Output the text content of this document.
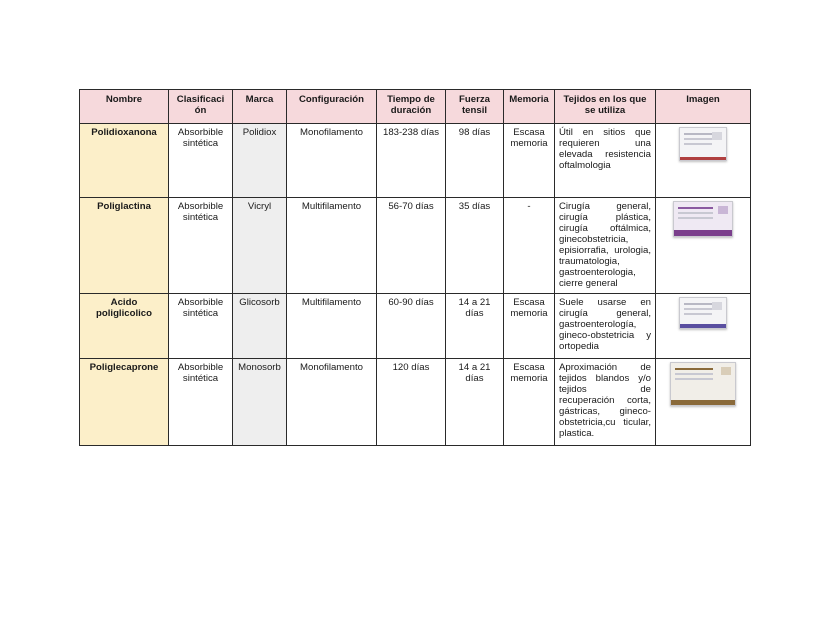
Nombre	Clasificaci ón	Marca	Configuración	Tiempo de duración	Fuerza tensil	Memoria	Tejidos en los que se utiliza	Imagen
Polidioxanona	Absorbible sintética	Polidiox	Monofilamento	183-238 días	98 días	Escasa memoria	Útil en sitios que requieren una elevada resistencia oftalmologia	

Poliglactina	Absorbible sintética	Vicryl	Multifilamento	56-70 días	35 días	-	Cirugía general, cirugía plástica, cirugía oftálmica, ginecobstetricia, episiorrafia, urologia, traumatologia, gastroenterologia, cierre general	

Acido poliglicolico	Absorbible sintética	Glicosorb	Multifilamento	60-90 días	14 a 21 días	Escasa memoria	Suele usarse en cirugía general, gastroenterología, gineco-obstetricia y ortopedia	

Poliglecaprone	Absorbible sintética	Monosorb	Monofilamento	120 días	14 a 21 días	Escasa memoria	Aproximación de tejidos blandos y/o tejidos de recuperación corta, gástricas, gineco-obstetricia,cu ticular, plastica.	
